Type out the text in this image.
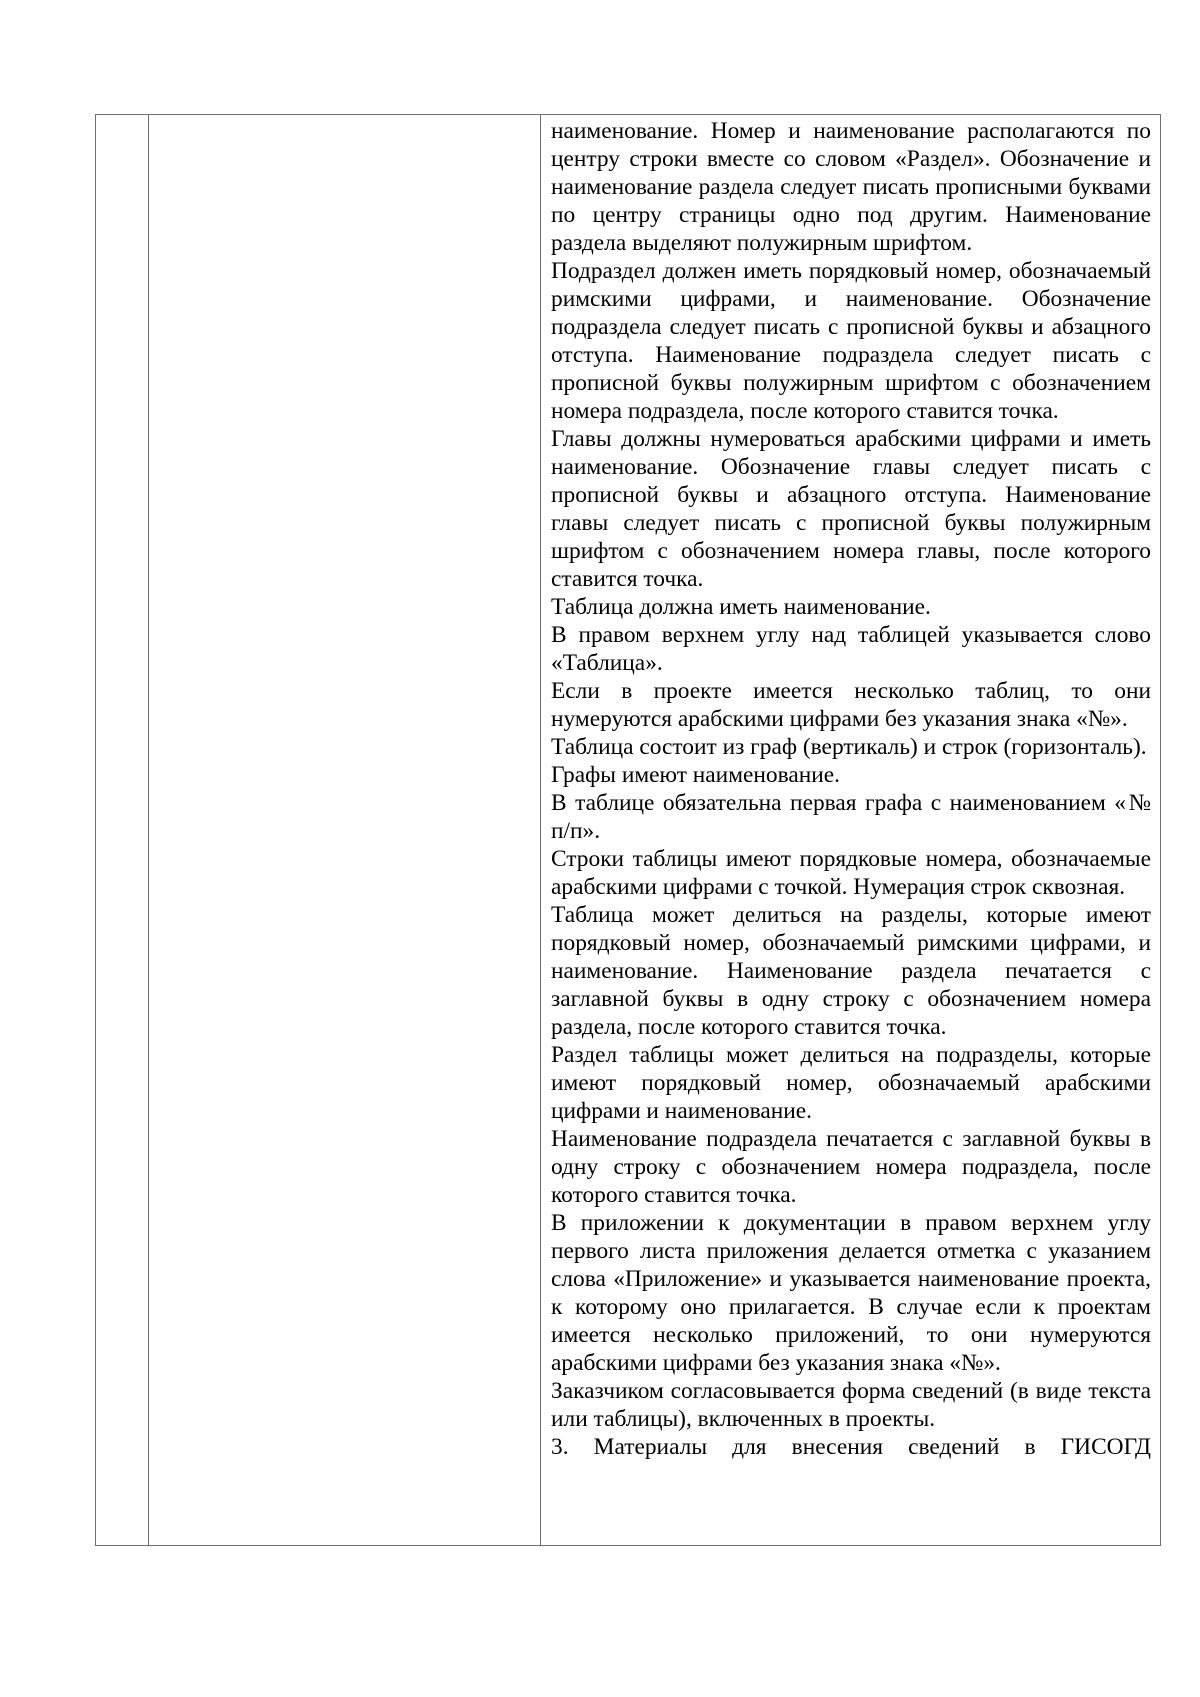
наименование. Номер и наименование располагаются по центру строки вместе со словом «Раздел». Обозначение и наименование раздела следует писать прописными буквами по центру страницы одно под другим. Наименование раздела выделяют полужирным шрифтом.

Подраздел должен иметь порядковый номер, обозначаемый римскими цифрами, и наименование. Обозначение подраздела следует писать с прописной буквы и абзацного отступа. Наименование подраздела следует писать с прописной буквы полужирным шрифтом с обозначением номера подраздела, после которого ставится точка.

Главы должны нумероваться арабскими цифрами и иметь наименование. Обозначение главы следует писать с прописной буквы и абзацного отступа. Наименование главы следует писать с прописной буквы полужирным шрифтом с обозначением номера главы, после которого ставится точка.

Таблица должна иметь наименование.

В правом верхнем углу над таблицей указывается слово «Таблица».

Если в проекте имеется несколько таблиц, то они нумеруются арабскими цифрами без указания знака «№».

Таблица состоит из граф (вертикаль) и строк (горизонталь).

Графы имеют наименование.

В таблице обязательна первая графа с наименованием «№ п/п».

Строки таблицы имеют порядковые номера, обозначаемые арабскими цифрами с точкой. Нумерация строк сквозная.

Таблица может делиться на разделы, которые имеют порядковый номер, обозначаемый римскими цифрами, и наименование. Наименование раздела печатается с заглавной буквы в одну строку с обозначением номера раздела, после которого ставится точка.

Раздел таблицы может делиться на подразделы, которые имеют порядковый номер, обозначаемый арабскими цифрами и наименование.

Наименование подраздела печатается с заглавной буквы в одну строку с обозначением номера подраздела, после которого ставится точка.

В приложении к документации в правом верхнем углу первого листа приложения делается отметка с указанием слова «Приложение» и указывается наименование проекта, к которому оно прилагается. В случае если к проектам имеется несколько приложений, то они нумеруются арабскими цифрами без указания знака «№».

Заказчиком согласовывается форма сведений (в виде текста или таблицы), включенных в проекты.

3. Материалы для внесения сведений в ГИСОГД
